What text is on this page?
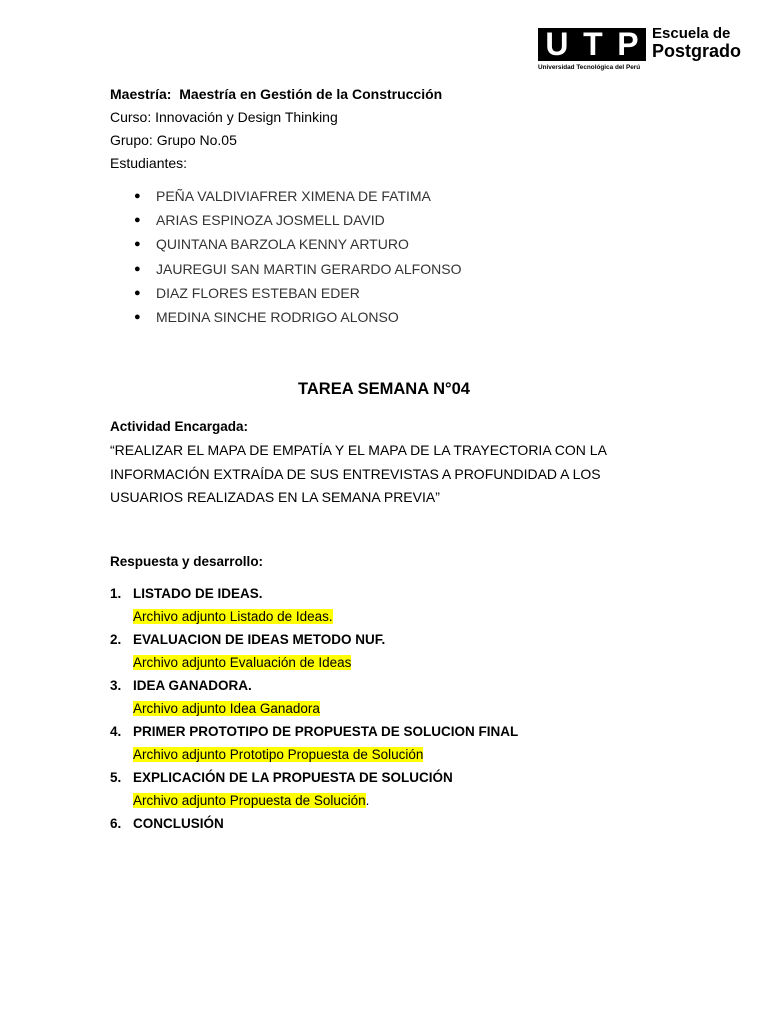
U T P
Universidad Tecnológica del Perú
Escuela de
Postgrado
Maestría: Maestría en Gestión de la Construcción
Curso: Innovación y Design Thinking
Grupo: Grupo No.05
Estudiantes:
●	PEÑA VALDIVIAFRER XIMENA DE FATIMA
●	ARIAS ESPINOZA JOSMELL DAVID
●	QUINTANA BARZOLA KENNY ARTURO
●	JAUREGUI SAN MARTIN GERARDO ALFONSO
●	DIAZ FLORES ESTEBAN EDER
●	MEDINA SINCHE RODRIGO ALONSO
TAREA SEMANA N°04
Actividad Encargada:
“REALIZAR EL MAPA DE EMPATÍA Y EL MAPA DE LA TRAYECTORIA CON LA INFORMACIÓN EXTRAÍDA DE SUS ENTREVISTAS A PROFUNDIDAD A LOS USUARIOS REALIZADAS EN LA SEMANA PREVIA”
Respuesta y desarrollo:
1. LISTADO DE IDEAS.
Archivo adjunto Listado de Ideas.
2. EVALUACION DE IDEAS METODO NUF.
Archivo adjunto Evaluación de Ideas
3. IDEA GANADORA.
Archivo adjunto Idea Ganadora
4. PRIMER PROTOTIPO DE PROPUESTA DE SOLUCION FINAL
Archivo adjunto Prototipo Propuesta de Solución
5. EXPLICACIÓN DE LA PROPUESTA DE SOLUCIÓN
Archivo adjunto Propuesta de Solución.
6. CONCLUSIÓN
